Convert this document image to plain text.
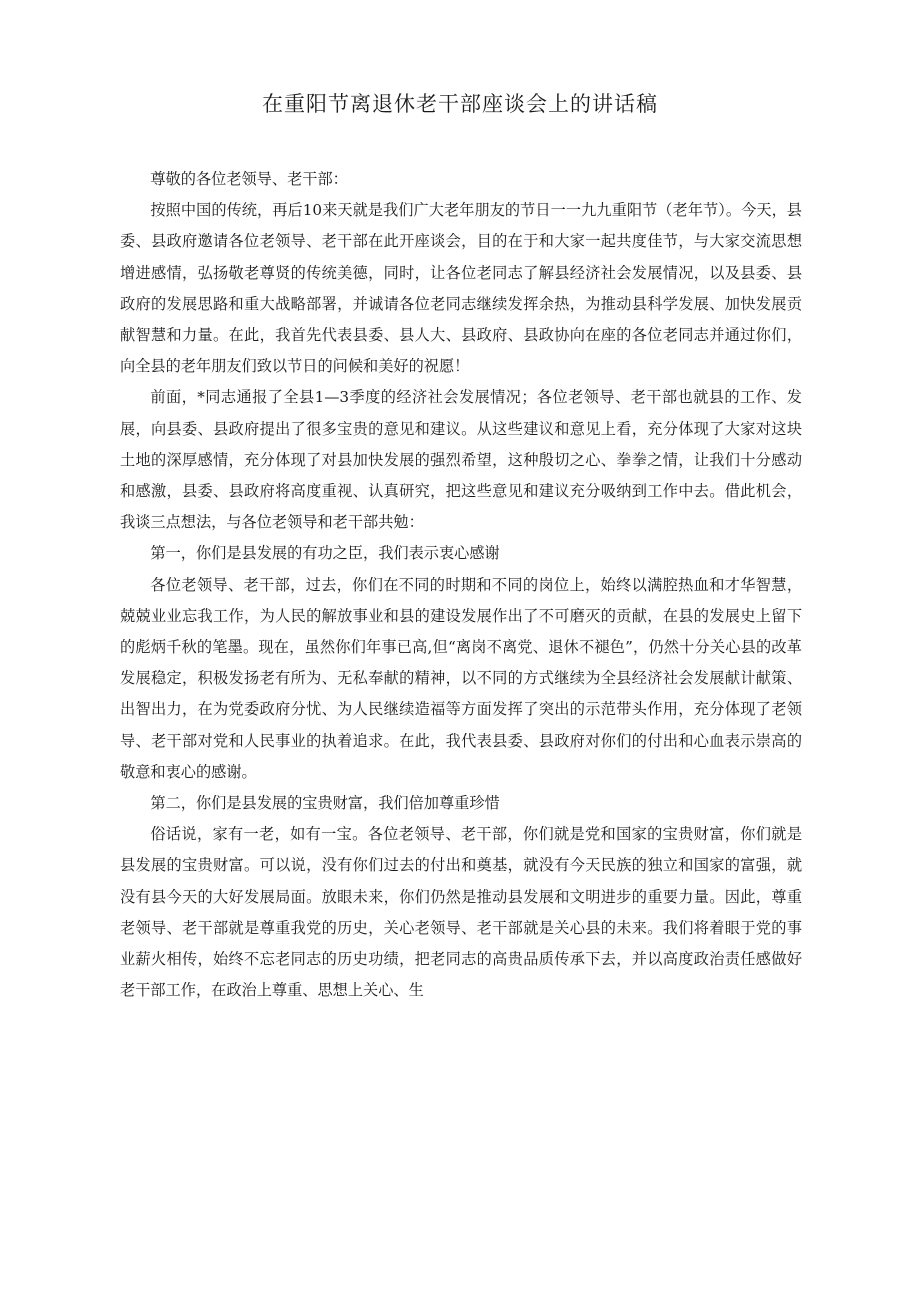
在重阳节离退休老干部座谈会上的讲话稿

尊敬的各位老领导、老干部：

按照中国的传统，再后10来天就是我们广大老年朋友的节日一一九九重阳节（老年节）。今天，县委、县政府邀请各位老领导、老干部在此开座谈会，目的在于和大家一起共度佳节，与大家交流思想增进感情，弘扬敬老尊贤的传统美德，同时，让各位老同志了解县经济社会发展情况，以及县委、县政府的发展思路和重大战略部署，并诚请各位老同志继续发挥余热，为推动县科学发展、加快发展贡献智慧和力量。在此，我首先代表县委、县人大、县政府、县政协向在座的各位老同志并通过你们，向全县的老年朋友们致以节日的问候和美好的祝愿！

前面，*同志通报了全县1—3季度的经济社会发展情况；各位老领导、老干部也就县的工作、发展，向县委、县政府提出了很多宝贵的意见和建议。从这些建议和意见上看，充分体现了大家对这块土地的深厚感情，充分体现了对县加快发展的强烈希望，这种殷切之心、拳拳之情，让我们十分感动和感激，县委、县政府将高度重视、认真研究，把这些意见和建议充分吸纳到工作中去。借此机会，我谈三点想法，与各位老领导和老干部共勉：

第一，你们是县发展的有功之臣，我们表示衷心感谢

各位老领导、老干部，过去，你们在不同的时期和不同的岗位上，始终以满腔热血和才华智慧，兢兢业业忘我工作，为人民的解放事业和县的建设发展作出了不可磨灭的贡献，在县的发展史上留下的彪炳千秋的笔墨。现在，虽然你们年事已高,但“离岗不离党、退休不褪色”，仍然十分关心县的改革发展稳定，积极发扬老有所为、无私奉献的精神，以不同的方式继续为全县经济社会发展献计献策、出智出力，在为党委政府分忧、为人民继续造福等方面发挥了突出的示范带头作用，充分体现了老领导、老干部对党和人民事业的执着追求。在此，我代表县委、县政府对你们的付出和心血表示崇高的敬意和衷心的感谢。

第二，你们是县发展的宝贵财富，我们倍加尊重珍惜

俗话说，家有一老，如有一宝。各位老领导、老干部，你们就是党和国家的宝贵财富，你们就是县发展的宝贵财富。可以说，没有你们过去的付出和奠基，就没有今天民族的独立和国家的富强，就没有县今天的大好发展局面。放眼未来，你们仍然是推动县发展和文明进步的重要力量。因此，尊重老领导、老干部就是尊重我党的历史，关心老领导、老干部就是关心县的未来。我们将着眼于党的事业薪火相传，始终不忘老同志的历史功绩，把老同志的高贵品质传承下去，并以高度政治责任感做好老干部工作，在政治上尊重、思想上关心、生
